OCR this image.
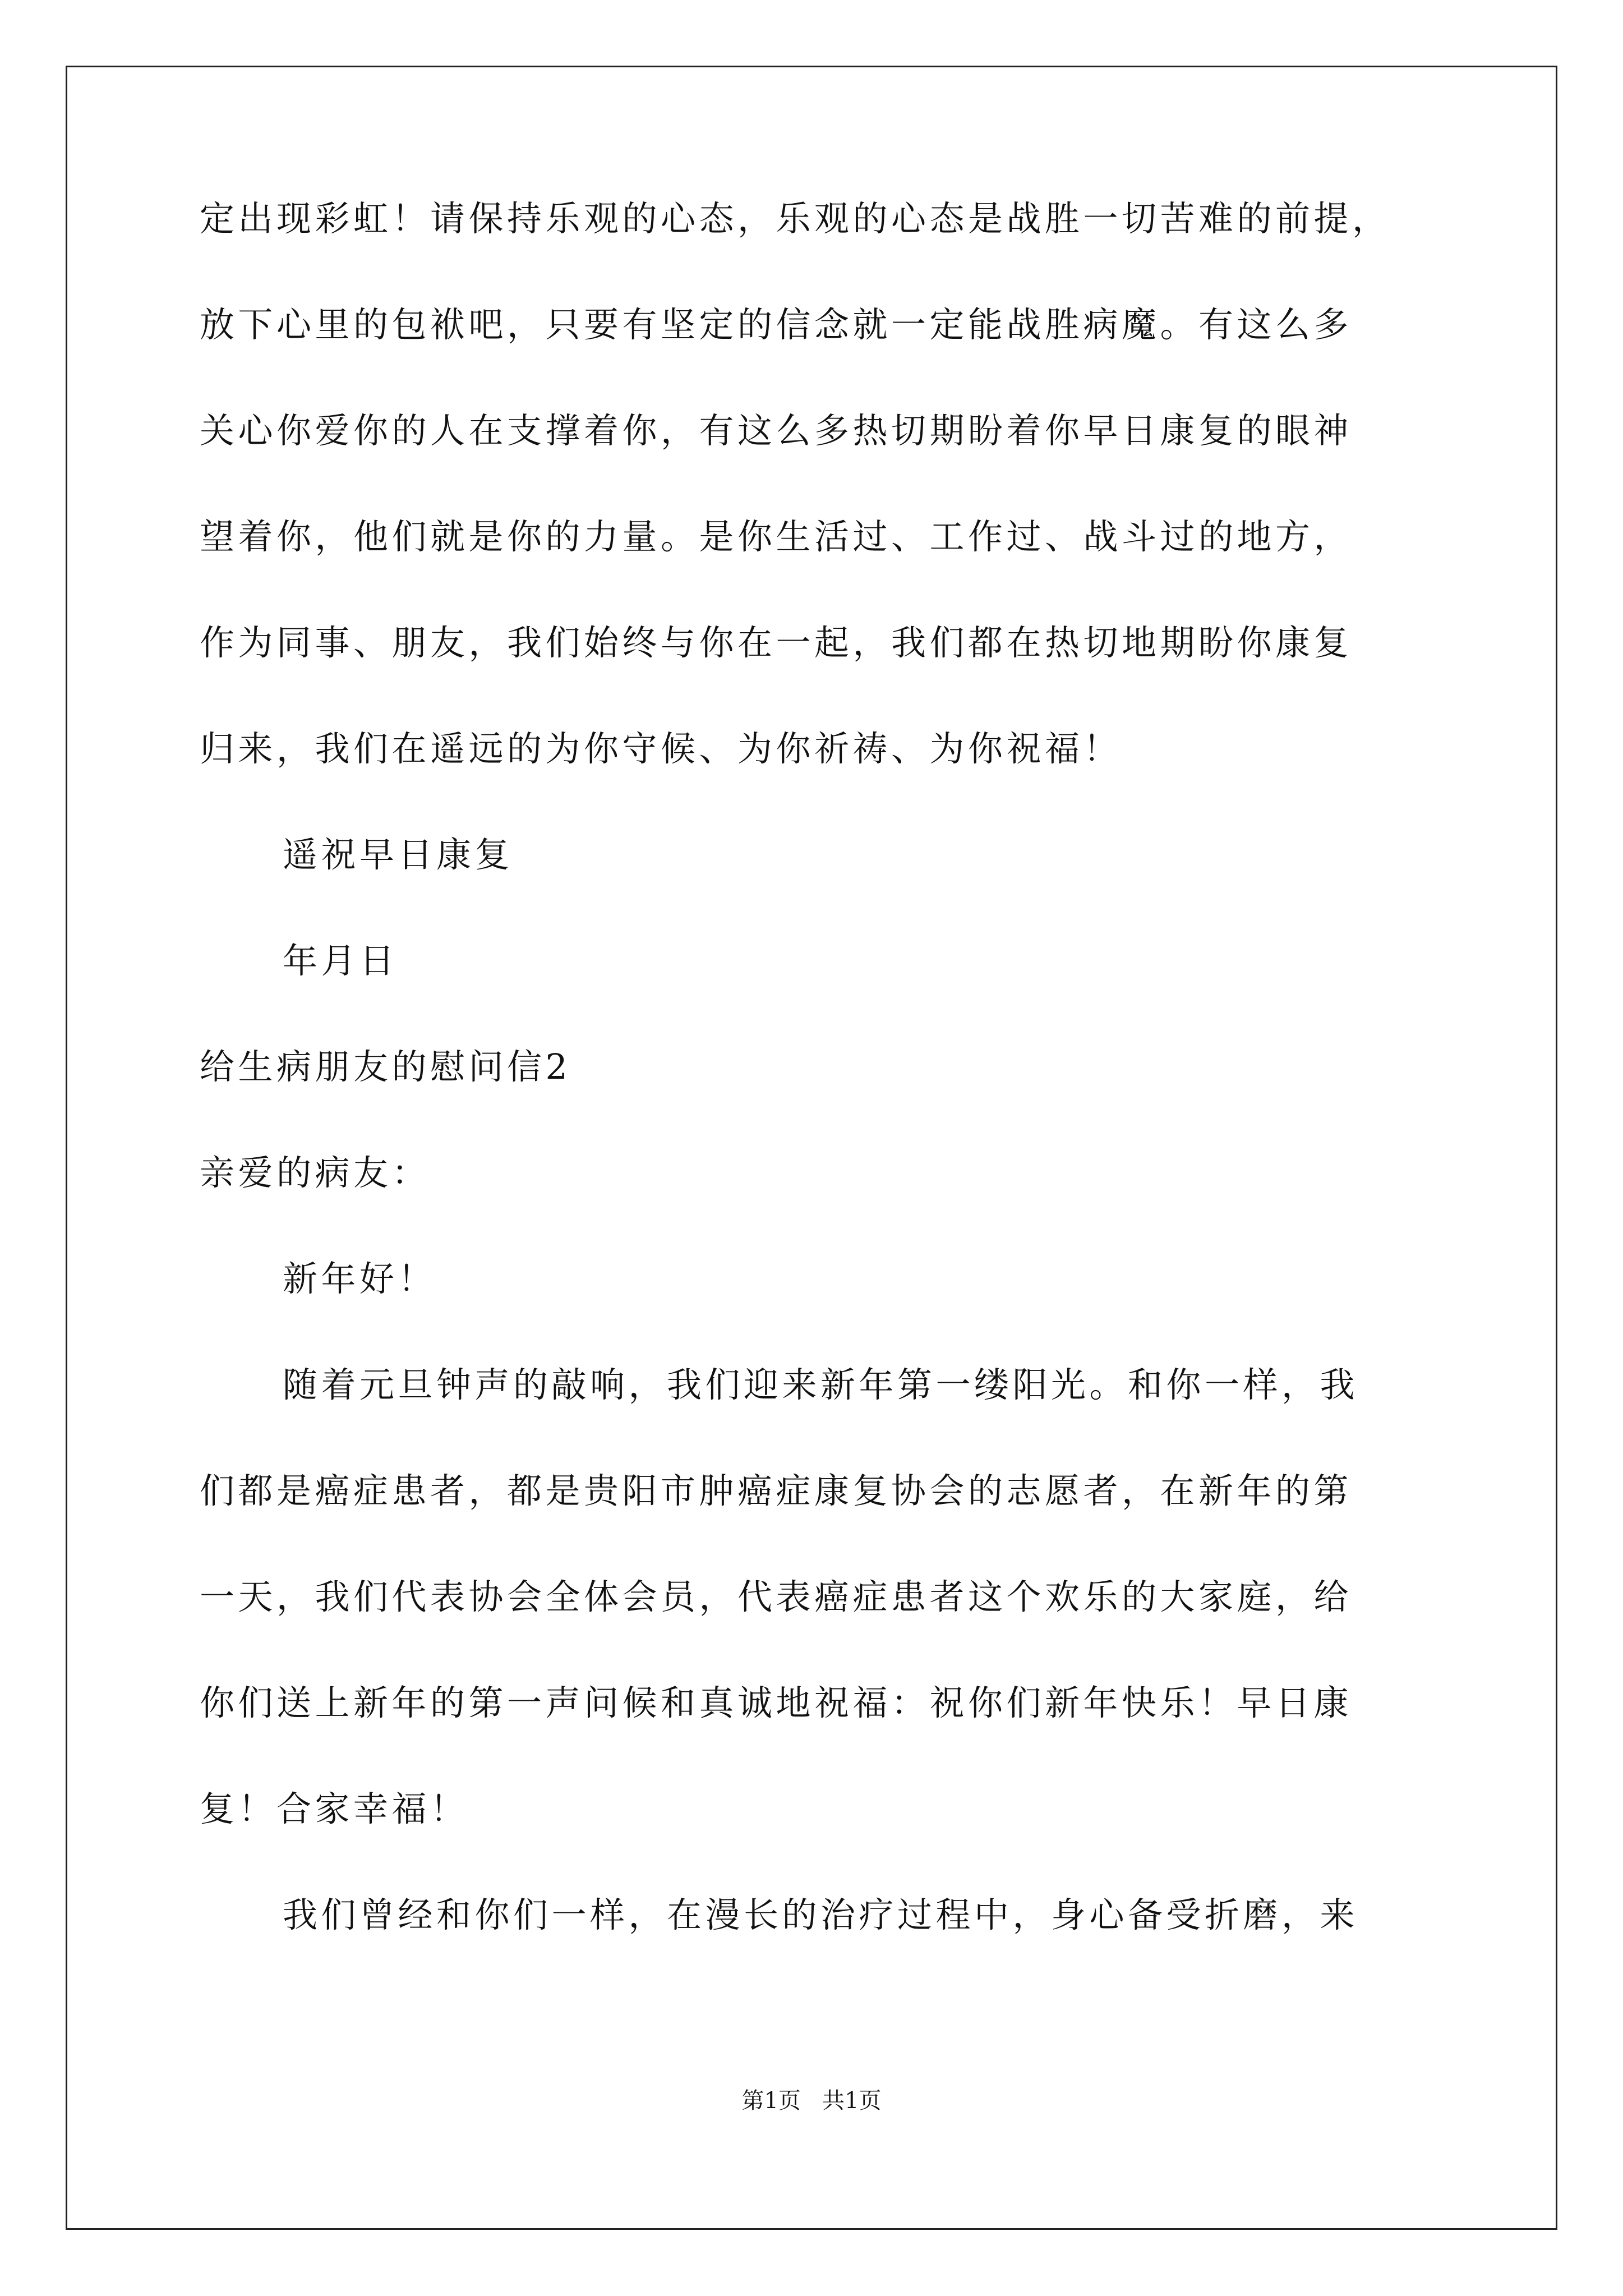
定出现彩虹！请保持乐观的心态，乐观的心态是战胜一切苦难的前提，
放下心里的包袱吧，只要有坚定的信念就一定能战胜病魔。有这么多
关心你爱你的人在支撑着你，有这么多热切期盼着你早日康复的眼神
望着你，他们就是你的力量。是你生活过、工作过、战斗过的地方，
作为同事、朋友，我们始终与你在一起，我们都在热切地期盼你康复
归来，我们在遥远的为你守候、为你祈祷、为你祝福！
遥祝早日康复
年月日
给生病朋友的慰问信2
亲爱的病友：
新年好！
随着元旦钟声的敲响，我们迎来新年第一缕阳光。和你一样，我
们都是癌症患者，都是贵阳市肿癌症康复协会的志愿者，在新年的第
一天，我们代表协会全体会员，代表癌症患者这个欢乐的大家庭，给
你们送上新年的第一声问候和真诚地祝福：祝你们新年快乐！早日康
复！合家幸福！
我们曾经和你们一样，在漫长的治疗过程中，身心备受折磨，来
第1页   共1页
